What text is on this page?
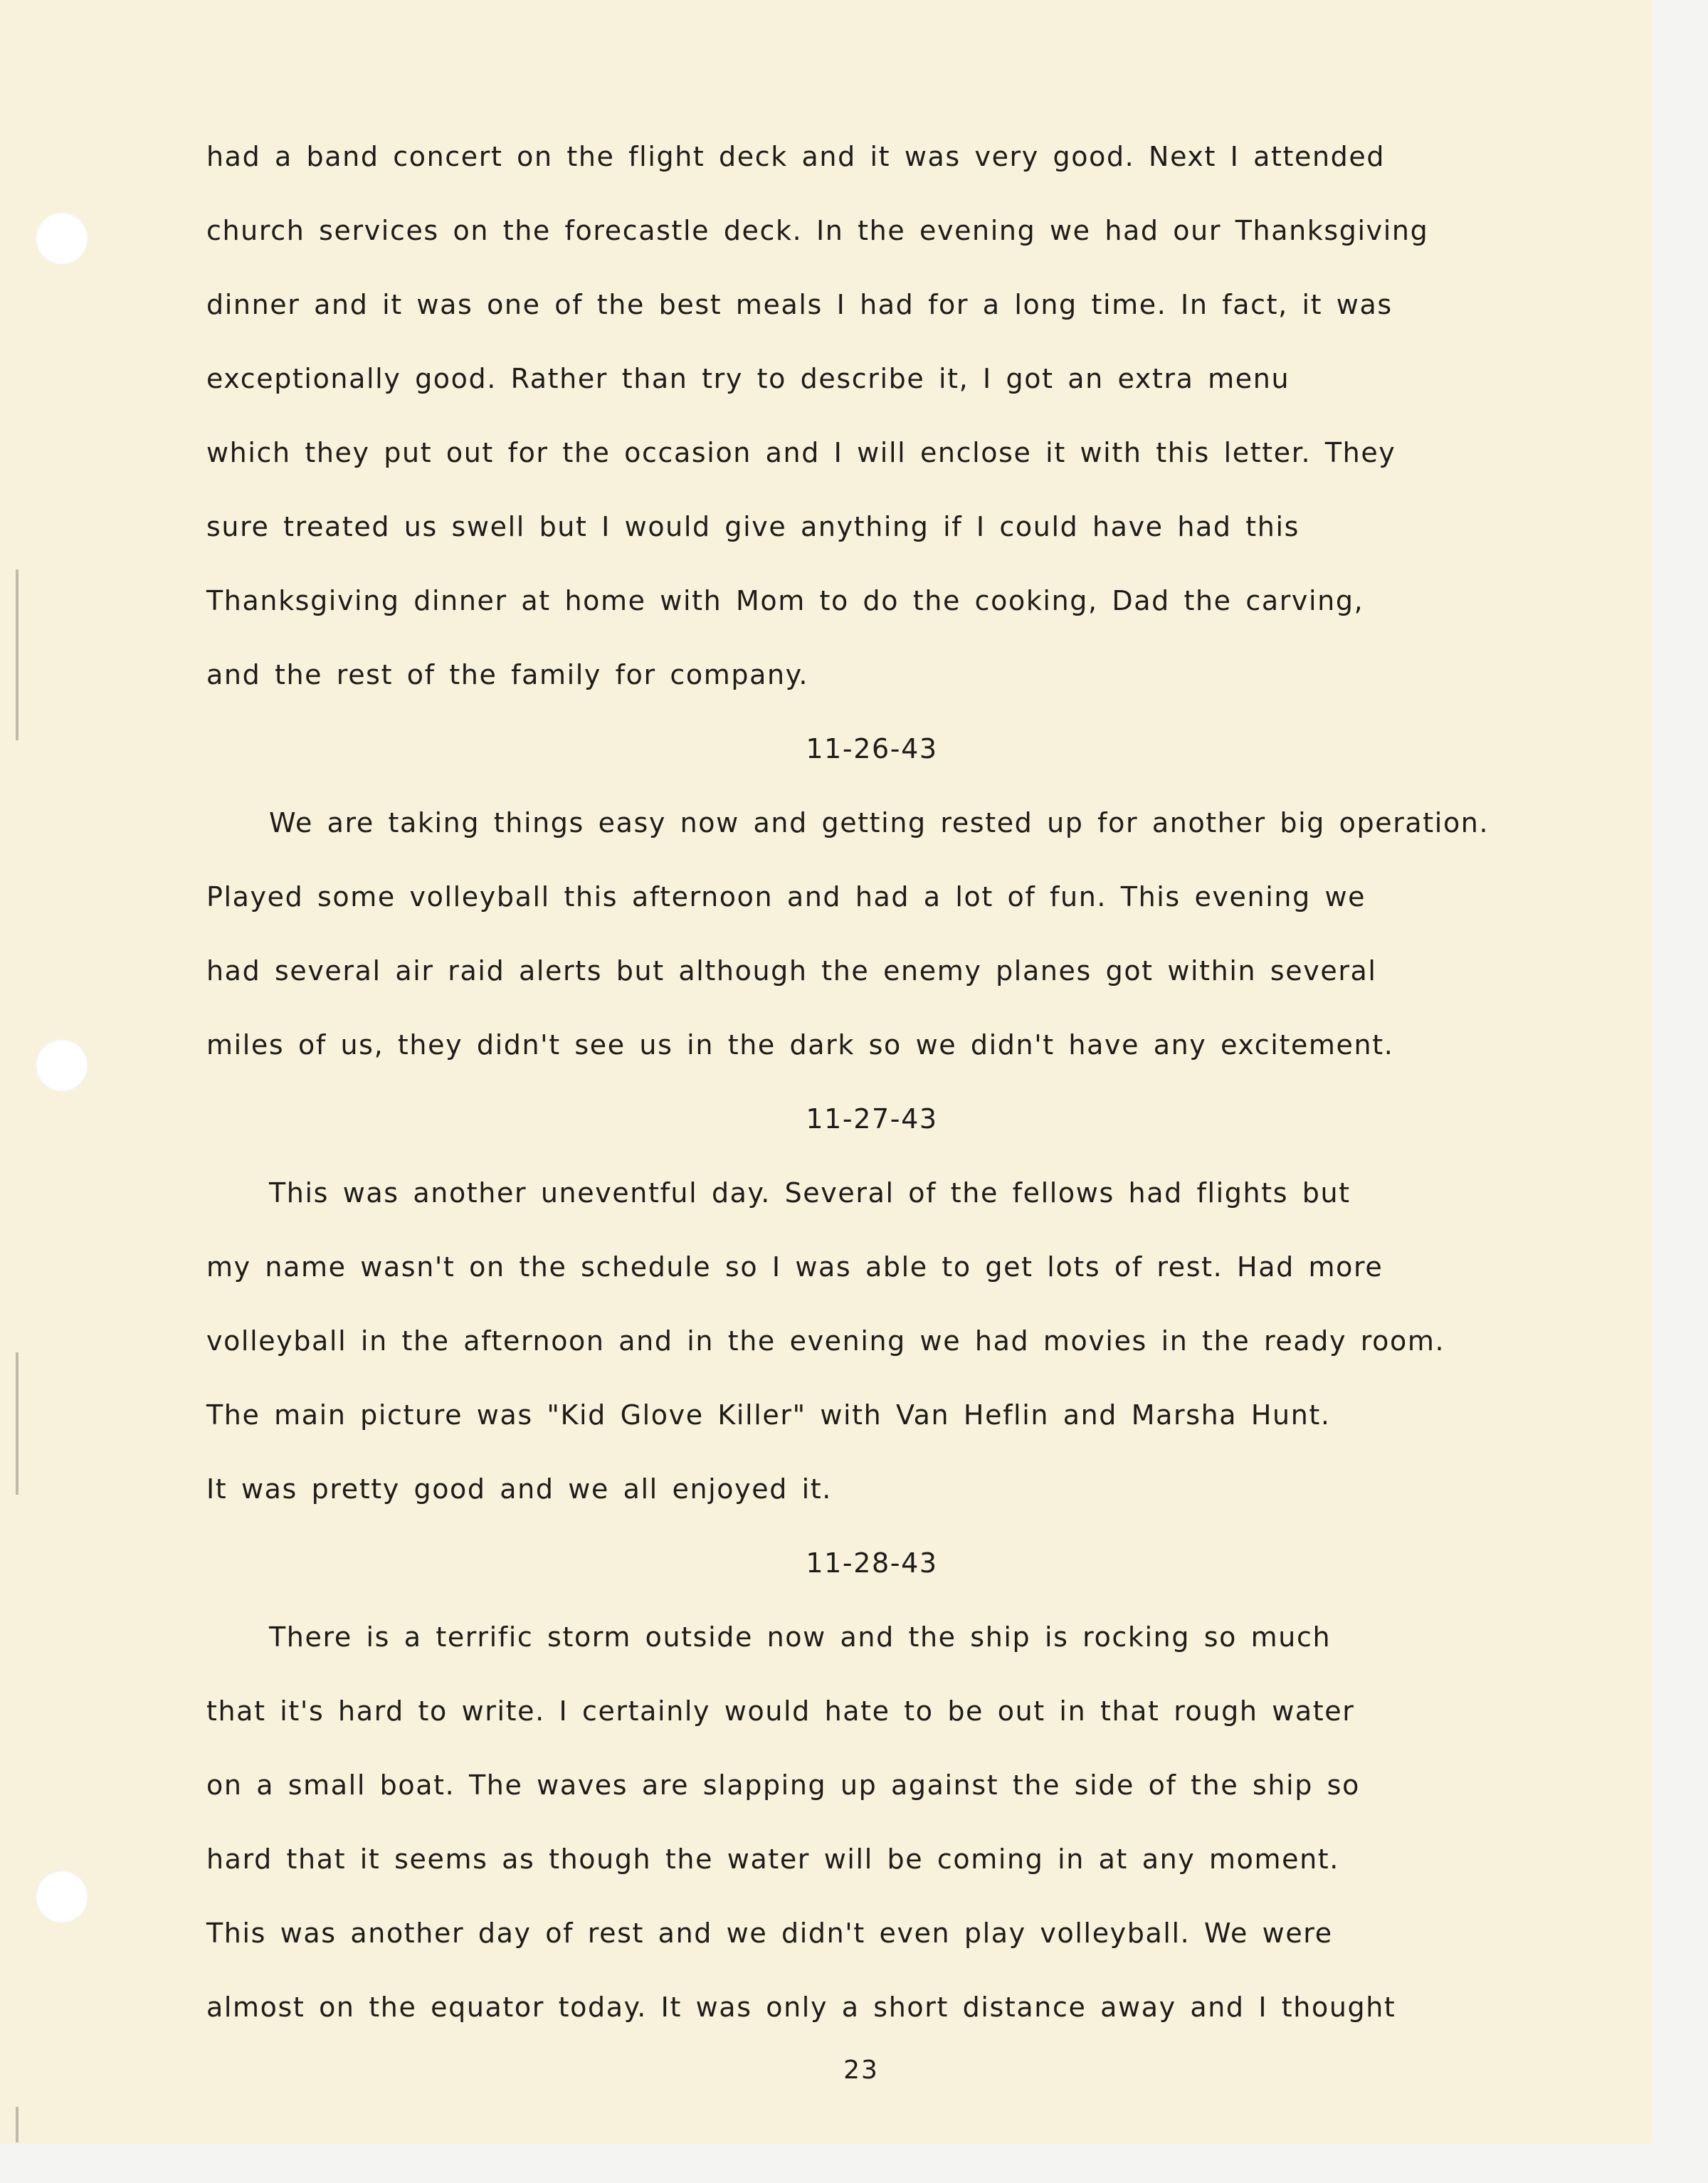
had a band concert on the flight deck and it was very good. Next I attended
church services on the forecastle deck. In the evening we had our Thanksgiving
dinner and it was one of the best meals I had for a long time. In fact, it was
exceptionally good. Rather than try to describe it, I got an extra menu
which they put out for the occasion and I will enclose it with this letter. They
sure treated us swell but I would give anything if I could have had this
Thanksgiving dinner at home with Mom to do the cooking, Dad the carving,
and the rest of the family for company.
11-26-43
We are taking things easy now and getting rested up for another big operation.
Played some volleyball this afternoon and had a lot of fun. This evening we
had several air raid alerts but although the enemy planes got within several
miles of us, they didn't see us in the dark so we didn't have any excitement.
11-27-43
This was another uneventful day. Several of the fellows had flights but
my name wasn't on the schedule so I was able to get lots of rest. Had more
volleyball in the afternoon and in the evening we had movies in the ready room.
The main picture was "Kid Glove Killer" with Van Heflin and Marsha Hunt.
It was pretty good and we all enjoyed it.
11-28-43
There is a terrific storm outside now and the ship is rocking so much
that it's hard to write. I certainly would hate to be out in that rough water
on a small boat. The waves are slapping up against the side of the ship so
hard that it seems as though the water will be coming in at any moment.
This was another day of rest and we didn't even play volleyball. We were
almost on the equator today. It was only a short distance away and I thought
23
